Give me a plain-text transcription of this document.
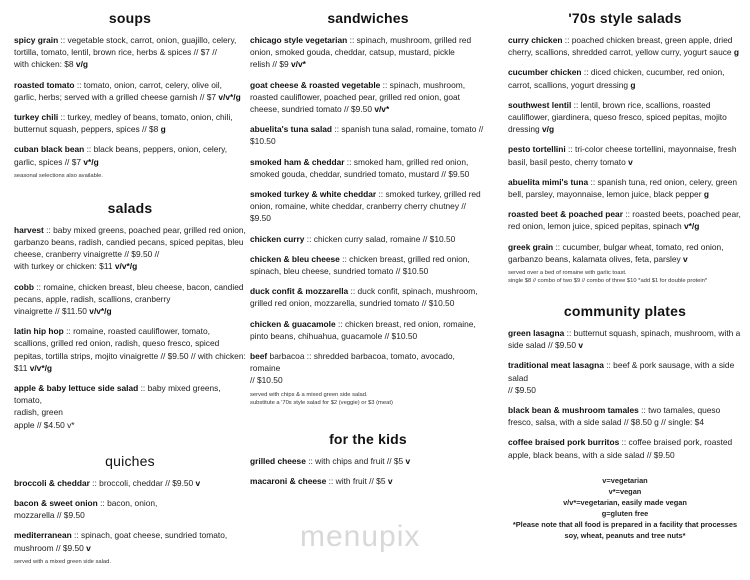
soups
spicy grain :: vegetable stock, carrot, onion, guajillo, celery, tortilla, tomato, lentil, brown rice, herbs & spices // $7 //
with chicken: $8 v/g
roasted tomato :: tomato, onion, carrot, celery, olive oil, garlic, herbs; served with a grilled cheese garnish // $7 v/v*/g
turkey chili :: turkey, medley of beans, tomato, onion, chili, butternut squash, peppers, spices // $8 g
cuban black bean :: black beans, peppers, onion, celery, garlic, spices // $7 v*/g
seasonal selections also available.
salads
harvest :: baby mixed greens, poached pear, grilled red onion, garbanzo beans, radish, candied pecans, spiced pepitas, bleu cheese, cranberry vinaigrette // $9.50 //
with turkey or chicken: $11 v/v*/g
cobb :: romaine, chicken breast, bleu cheese, bacon, candied pecans, apple, radish, scallions, cranberry
vinaigrette // $11.50 v/v*/g
latin hip hop :: romaine, roasted cauliflower, tomato, scallions, grilled red onion, radish, queso fresco, spiced pepitas, tortilla strips, mojito vinaigrette // $9.50 // with chicken: $11 v/v*/g
apple & baby lettuce side salad :: baby mixed greens, tomato,
radish, green
apple // $4.50 v*
quiches
broccoli & cheddar :: broccoli, cheddar // $9.50 v
bacon & sweet onion :: bacon, onion,
mozzarella // $9.50
mediterranean :: spinach, goat cheese, sundried tomato, mushroom // $9.50 v
served with a mixed green side salad.
sandwiches
chicago style vegetarian :: spinach, mushroom, grilled red onion, smoked gouda, cheddar, catsup, mustard, pickle
relish // $9 v/v*
goat cheese & roasted vegetable :: spinach, mushroom, roasted cauliflower, poached pear, grilled red onion, goat cheese, sundried tomato // $9.50 v/v*
abuelita's tuna salad :: spanish tuna salad, romaine, tomato //
$10.50
smoked ham & cheddar :: smoked ham, grilled red onion, smoked gouda, cheddar, sundried tomato, mustard // $9.50
smoked turkey & white cheddar :: smoked turkey, grilled red onion, romaine, white cheddar, cranberry cherry chutney //
$9.50
chicken curry :: chicken curry salad, romaine // $10.50
chicken & bleu cheese :: chicken breast, grilled red onion, spinach, bleu cheese, sundried tomato // $10.50
duck confit & mozzarella :: duck confit, spinach, mushroom, grilled red onion, mozzarella, sundried tomato // $10.50
chicken & guacamole :: chicken breast, red onion, romaine, pinto beans, chihuahua, guacamole // $10.50
beef barbacoa :: shredded barbacoa, tomato, avocado, romaine
// $10.50
served with chips & a mixed green side salad.
substitute a '70s style salad for $2 (veggie) or $3 (meat)
for the kids
grilled cheese :: with chips and fruit // $5 v
macaroni & cheese :: with fruit // $5 v
'70s style salads
curry chicken :: poached chicken breast, green apple, dried cherry, scallions, shredded carrot, yellow curry, yogurt sauce g
cucumber chicken :: diced chicken, cucumber, red onion, carrot, scallions, yogurt dressing g
southwest lentil :: lentil, brown rice, scallions, roasted cauliflower, giardinera, queso fresco, spiced pepitas, mojito dressing v/g
pesto tortellini :: tri-color cheese tortellini, mayonnaise, fresh basil, basil pesto, cherry tomato v
abuelita mimi's tuna :: spanish tuna, red onion, celery, green bell, parsley, mayonnaise, lemon juice, black pepper g
roasted beet & poached pear :: roasted beets, poached pear, red onion, lemon juice, spiced pepitas, spinach v*/g
greek grain :: cucumber, bulgar wheat, tomato, red onion, garbanzo beans, kalamata olives, feta, parsley v
served over a bed of romaine with garlic toast.
single $8 // combo of two $9 // combo of three $10 *add $1 for double protein*
community plates
green lasagna :: butternut squash, spinach, mushroom, with a side salad // $9.50 v
traditional meat lasagna :: beef & pork sausage, with a side salad
// $9.50
black bean & mushroom tamales :: two tamales, queso fresco, salsa, with a side salad // $8.50 g // single: $4
coffee braised pork burritos :: coffee braised pork, roasted apple, black beans, with a side salad // $9.50
v=vegetarian
v*=vegan
v/v*=vegetarian, easily made vegan
g=gluten free
*Please note that all food is prepared in a facility that processes soy, wheat, peanuts and tree nuts*
menupix
